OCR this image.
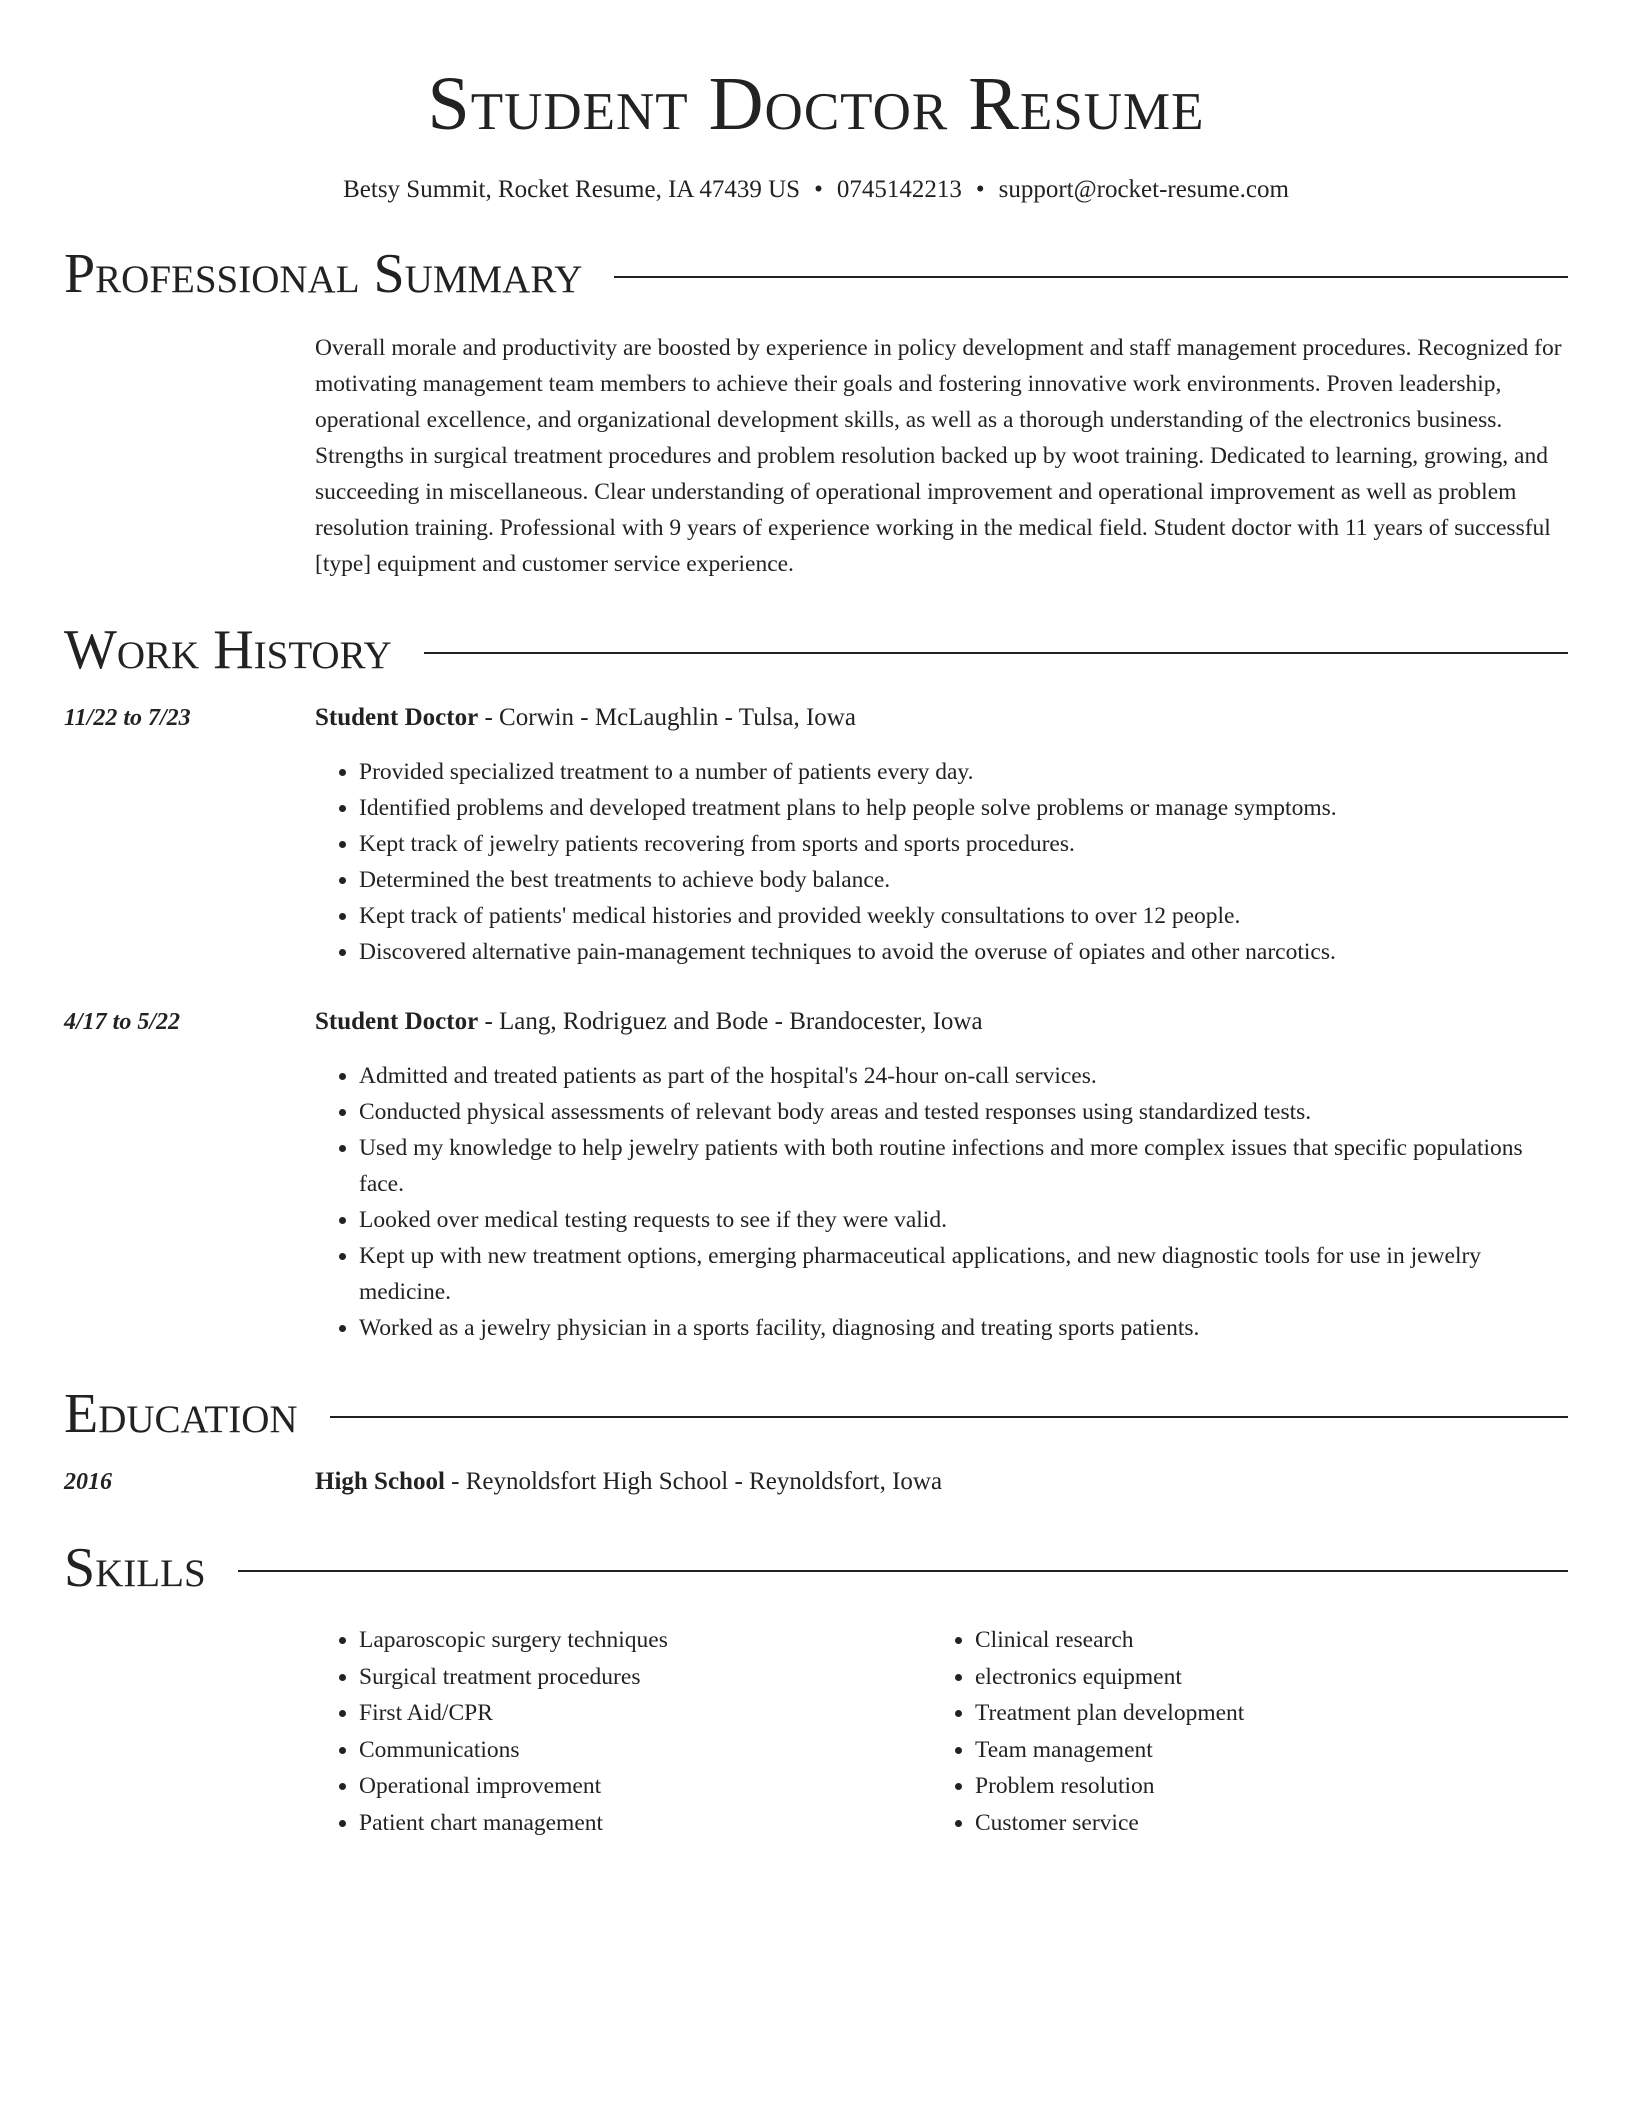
Student Doctor Resume
Betsy Summit, Rocket Resume, IA 47439 US • 0745142213 • support@rocket-resume.com
Professional Summary
Overall morale and productivity are boosted by experience in policy development and staff management procedures. Recognized for motivating management team members to achieve their goals and fostering innovative work environments. Proven leadership, operational excellence, and organizational development skills, as well as a thorough understanding of the electronics business. Strengths in surgical treatment procedures and problem resolution backed up by woot training. Dedicated to learning, growing, and succeeding in miscellaneous. Clear understanding of operational improvement and operational improvement as well as problem resolution training. Professional with 9 years of experience working in the medical field. Student doctor with 11 years of successful [type] equipment and customer service experience.
Work History
11/22 to 7/23	Student Doctor - Corwin - McLaughlin - Tulsa, Iowa
• Provided specialized treatment to a number of patients every day.
• Identified problems and developed treatment plans to help people solve problems or manage symptoms.
• Kept track of jewelry patients recovering from sports and sports procedures.
• Determined the best treatments to achieve body balance.
• Kept track of patients' medical histories and provided weekly consultations to over 12 people.
• Discovered alternative pain-management techniques to avoid the overuse of opiates and other narcotics.
4/17 to 5/22	Student Doctor - Lang, Rodriguez and Bode - Brandocester, Iowa
• Admitted and treated patients as part of the hospital's 24-hour on-call services.
• Conducted physical assessments of relevant body areas and tested responses using standardized tests.
• Used my knowledge to help jewelry patients with both routine infections and more complex issues that specific populations face.
• Looked over medical testing requests to see if they were valid.
• Kept up with new treatment options, emerging pharmaceutical applications, and new diagnostic tools for use in jewelry medicine.
• Worked as a jewelry physician in a sports facility, diagnosing and treating sports patients.
Education
2016	High School - Reynoldsfort High School - Reynoldsfort, Iowa
Skills
• Laparoscopic surgery techniques
• Surgical treatment procedures
• First Aid/CPR
• Communications
• Operational improvement
• Patient chart management
• Clinical research
• electronics equipment
• Treatment plan development
• Team management
• Problem resolution
• Customer service
